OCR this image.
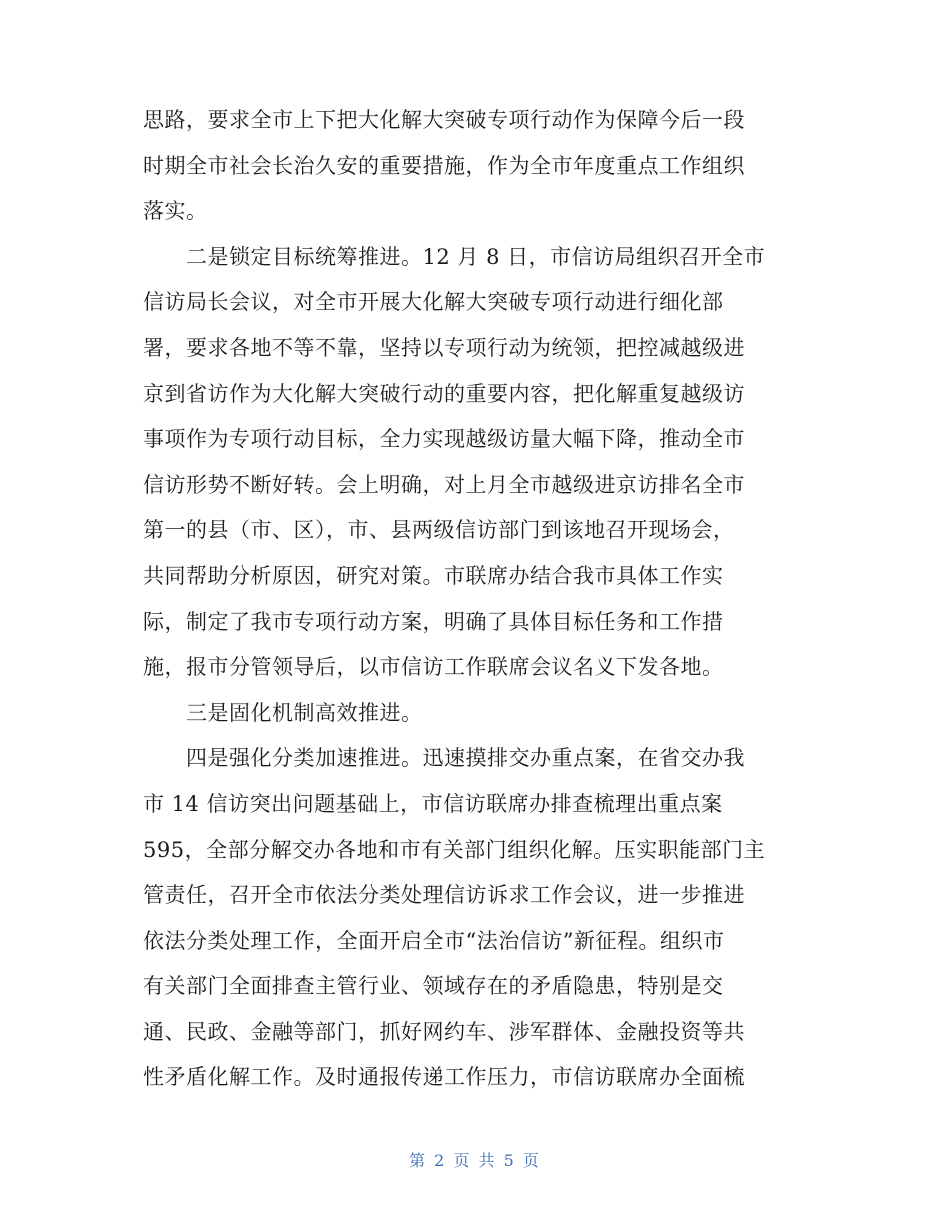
思路，要求全市上下把大化解大突破专项行动作为保障今后一段
时期全市社会长治久安的重要措施，作为全市年度重点工作组织
落实。
　　二是锁定目标统筹推进。12 月 8 日，市信访局组织召开全市
信访局长会议，对全市开展大化解大突破专项行动进行细化部
署，要求各地不等不靠，坚持以专项行动为统领，把控减越级进
京到省访作为大化解大突破行动的重要内容，把化解重复越级访
事项作为专项行动目标，全力实现越级访量大幅下降，推动全市
信访形势不断好转。会上明确，对上月全市越级进京访排名全市
第一的县（市、区），市、县两级信访部门到该地召开现场会，
共同帮助分析原因，研究对策。市联席办结合我市具体工作实
际，制定了我市专项行动方案，明确了具体目标任务和工作措
施，报市分管领导后，以市信访工作联席会议名义下发各地。
　　三是固化机制高效推进。
　　四是强化分类加速推进。迅速摸排交办重点案，在省交办我
市 14 信访突出问题基础上，市信访联席办排查梳理出重点案
595，全部分解交办各地和市有关部门组织化解。压实职能部门主
管责任，召开全市依法分类处理信访诉求工作会议，进一步推进
依法分类处理工作，全面开启全市“法治信访”新征程。组织市
有关部门全面排查主管行业、领域存在的矛盾隐患，特别是交
通、民政、金融等部门，抓好网约车、涉军群体、金融投资等共
性矛盾化解工作。及时通报传递工作压力，市信访联席办全面梳
第 2 页 共 5 页
